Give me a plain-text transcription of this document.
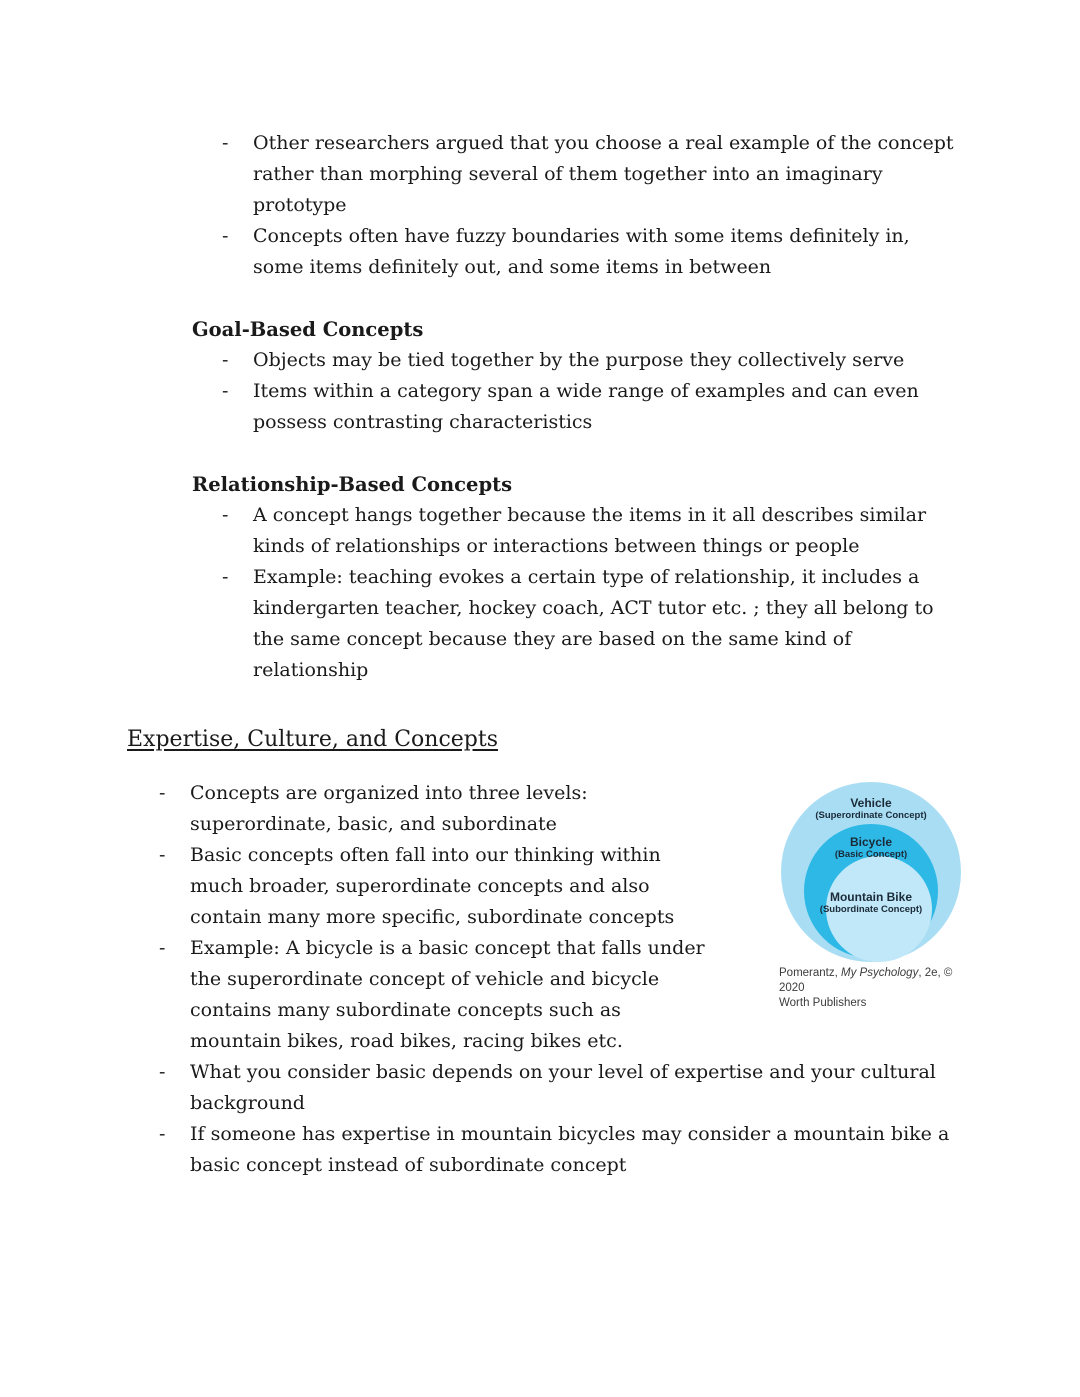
- Other researchers argued that you choose a real example of the concept rather than morphing several of them together into an imaginary prototype
- Concepts often have fuzzy boundaries with some items definitely in, some items definitely out, and some items in between
Goal-Based Concepts
- Objects may be tied together by the purpose they collectively serve
- Items within a category span a wide range of examples and can even possess contrasting characteristics
Relationship-Based Concepts
- A concept hangs together because the items in it all describes similar kinds of relationships or interactions between things or people
- Example: teaching evokes a certain type of relationship, it includes a kindergarten teacher, hockey coach, ACT tutor etc. ; they all belong to the same concept because they are based on the same kind of relationship
Expertise, Culture, and Concepts
Vehicle
(Superordinate Concept)
Bicycle
(Basic Concept)
Mountain Bike
(Subordinate Concept)
Pomerantz, My Psychology, 2e, © 2020
Worth Publishers
- Concepts are organized into three levels: superordinate, basic, and subordinate
- Basic concepts often fall into our thinking within much broader, superordinate concepts and also contain many more specific, subordinate concepts
- Example: A bicycle is a basic concept that falls under the superordinate concept of vehicle and bicycle contains many subordinate concepts such as mountain bikes, road bikes, racing bikes etc.
- What you consider basic depends on your level of expertise and your cultural background
- If someone has expertise in mountain bicycles may consider a mountain bike a basic concept instead of subordinate concept
